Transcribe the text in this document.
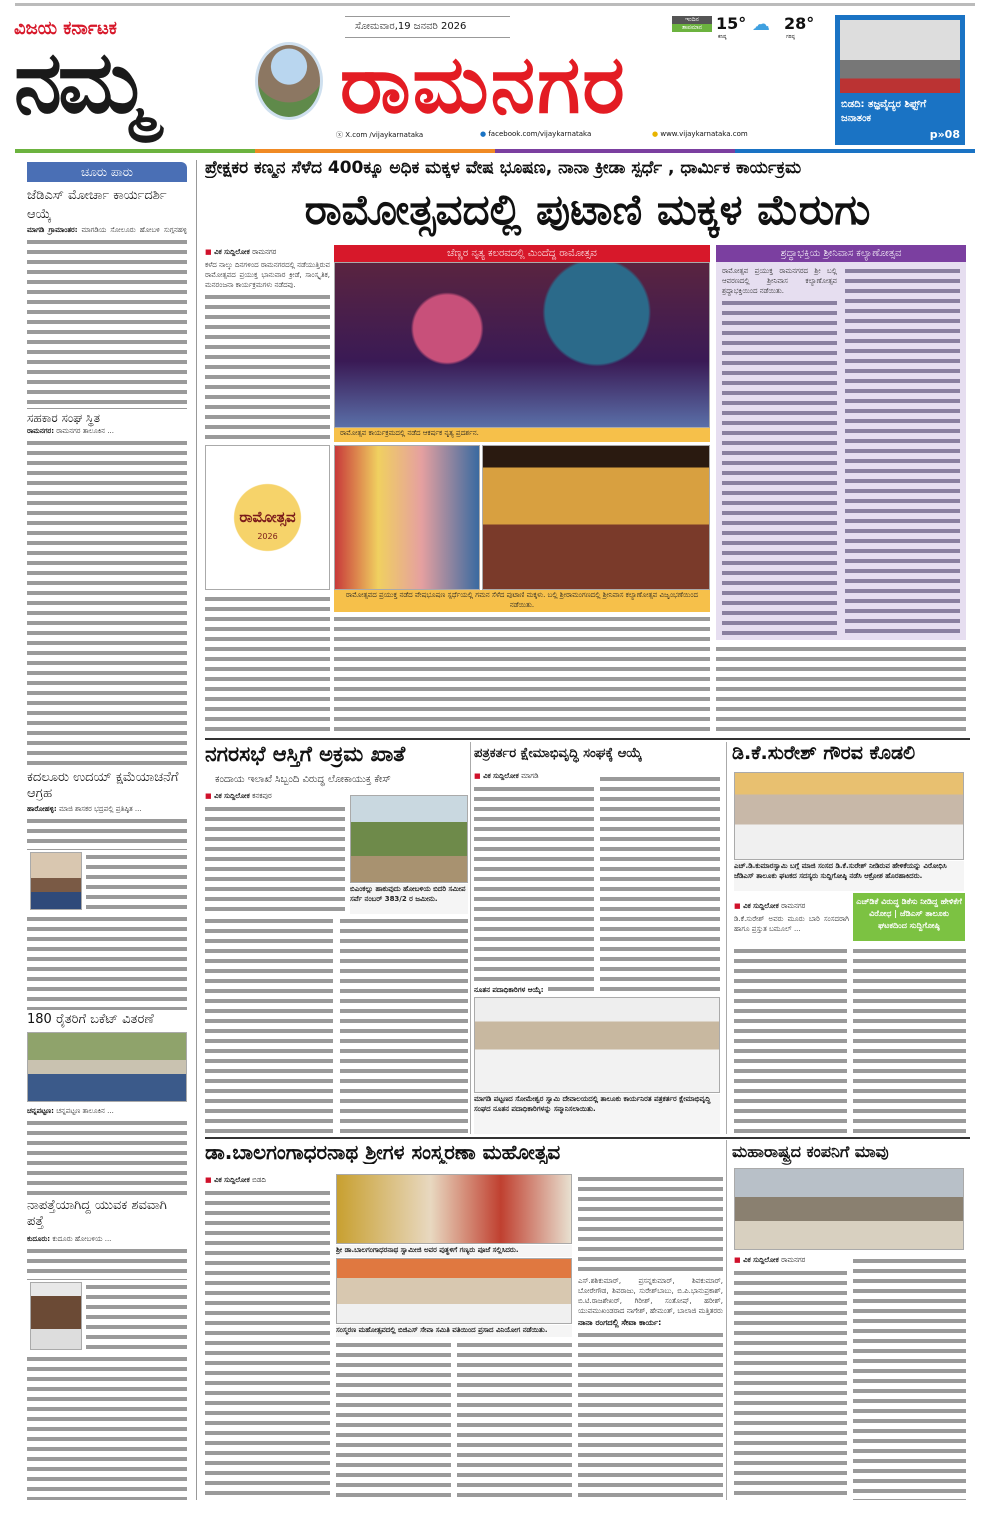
ವಿಜಯ ಕರ್ನಾಟಕ
ನಮ್ಮ
ಸೋಮವಾರ,19 ಜನವರಿ 2026
ರಾಮನಗರ
ಇಂದಿನ
ತಾಪಮಾನ 15°
ಕನಿಷ್ಠ
☁ 28°
ಗರಿಷ್ಠ
ⓧ X.com /vijaykarnataka	● facebook.com/vijaykarnataka	● www.vijaykarnataka.com
ಬಿಡದಿ: ತಜ್ಞವೈದ್ಯರ ಶಿಫ್ಟ್‌ಗೆ ಜನಾತಂಕ
p»08
ಚೂರು ಪಾರು
ಜೆಡಿಎಸ್ ಮೋರ್ಚಾ ಕಾರ್ಯದರ್ಶಿ ಆಯ್ಕೆ
ಮಾಗಡಿ ಗ್ರಾಮಾಂತರ: ಮಾಗಡಿಯ ಸೋಲೂರು ಹೋಬಳಿ ಸುಗ್ಗನಹಳ್ಳಿ
ಸಹಕಾರ ಸಂಘ ಸ್ಥಿತ
ರಾಮನಗರ: ರಾಮನಗರ ತಾಲೂಕಿನ ...
ಕದಲೂರು ಉದಯ್ ಕ್ಷಮೆಯಾಚನೆಗೆ ಆಗ್ರಹ
ಹಾರೋಹಳ್ಳಿ: ಮಾಜಿ ಶಾಸಕರ ಭದ್ರಪಲ್ಲಿ ಪ್ರತಿಷ್ಠಿತ ...
180 ರೈತರಿಗೆ ಬಕೆಟ್ ವಿತರಣೆ
ಚನ್ನಪಟ್ಟಣ: ಚನ್ನಪಟ್ಟಣ ತಾಲೂಕಿನ ...
ನಾಪತ್ತೆಯಾಗಿದ್ದ ಯುವಕ ಶವವಾಗಿ ಪತ್ತೆ
ಕುದೂರು: ಕುದೂರು ಹೋಬಳಿಯ ...
ಪ್ರೇಕ್ಷಕರ ಕಣ್ಮನ ಸೆಳೆದ 400ಕ್ಕೂ ಅಧಿಕ ಮಕ್ಕಳ ವೇಷ ಭೂಷಣ, ನಾನಾ ಕ್ರೀಡಾ ಸ್ಪರ್ಧೆ , ಧಾರ್ಮಿಕ ಕಾರ್ಯಕ್ರಮ
ರಾಮೋತ್ಸವದಲ್ಲಿ ಪುಟಾಣಿ ಮಕ್ಕಳ ಮೆರುಗು
■ ವಿಕ ಸುದ್ದಿಲೋಕ ರಾಮನಗರ
ಕಳೆದ ನಾಲ್ಕು ದಿನಗಳಿಂದ ರಾಮನಗರದಲ್ಲಿ ನಡೆಯುತ್ತಿರುವ ರಾಮೋತ್ಸವದ ಪ್ರಯುಕ್ತ ಭಾನುವಾರ ಕ್ರೀಡೆ, ಸಾಂಸ್ಕೃತಿಕ, ಮನರಂಜನಾ ಕಾರ್ಯಕ್ರಮಗಳು ನಡೆದವು.
ಚೆಣ್ಣರ ನೃತ್ಯ ಕಲರವದಲ್ಲಿ ಮಿಂದೆದ್ದ ರಾಮೋತ್ಸವ
ರಾಮೋತ್ಸವ ಕಾರ್ಯಕ್ರಮದಲ್ಲಿ ನಡೆದ ಆಕರ್ಷಕ ನೃತ್ಯ ಪ್ರದರ್ಶನ.
ರಾಮೋತ್ಸವ
2026
ರಾಮೋತ್ಸವದ ಪ್ರಯುಕ್ತ ನಡೆದ ವೇಷಭೂಷಣ ಸ್ಪರ್ಧೆಯಲ್ಲಿ ಗಮನ ಸೆಳೆದ ಪುಟಾಣಿ ಮಕ್ಕಳು. ಬಲ್ಲಿ ಶ್ರೀರಾಮಂಗಣದಲ್ಲಿ ಶ್ರೀನಿವಾಸ ಕಲ್ಯಾಣೋತ್ಸವ ವಿಜೃಂಭಣೆಯಿಂದ ನಡೆಯಿತು.
ಶ್ರದ್ಧಾಭಕ್ತಿಯ ಶ್ರೀನಿವಾಸ ಕಲ್ಯಾಣೋತ್ಸವ
ರಾಮೋತ್ಸವ ಪ್ರಯುಕ್ತ ರಾಮನಗರದ ಶ್ರೀ ಬಲ್ಲಿ ಆವರಣದಲ್ಲಿ ಶ್ರೀನಿವಾಸ ಕಲ್ಯಾಣೋತ್ಸವ ಶ್ರದ್ಧಾಭಕ್ತಿಯಿಂದ ನಡೆಯಿತು.
ನಗರಸಭೆ ಆಸ್ತಿಗೆ ಅಕ್ರಮ ಖಾತೆ
ಕಂದಾಯ ಇಲಾಖೆ ಸಿಬ್ಬಂದಿ ವಿರುದ್ಧ ಲೋಕಾಯುಕ್ತ ಕೇಸ್
■ ವಿಕ ಸುದ್ದಿಲೋಕ ಕನಕಪುರ
ಬಿಎಂಕಲ್ಲು ಹಾಕುವುದು ಹೋಬಳಿಯ ಬಿದರಿ ಸಮೀಪ ಸರ್ವೆ ನಂಬರ್ 383/2 ರ ಜಮೀನು.
ಪತ್ರಕರ್ತರ ಕ್ಷೇಮಾಭಿವೃದ್ಧಿ ಸಂಘಕ್ಕೆ ಆಯ್ಕೆ
■ ವಿಕ ಸುದ್ದಿಲೋಕ ಮಾಗಡಿ
ನೂತನ ಪದಾಧಿಕಾರಿಗಳ ಆಯ್ಕೆ:
ಮಾಗಡಿ ಪಟ್ಟಣದ ಸೋಮೇಶ್ವರ ಸ್ವಾಮಿ ದೇವಾಲಯದಲ್ಲಿ ತಾಲೂಕು ಕಾರ್ಯನಿರತ ಪತ್ರಕರ್ತರ ಕ್ಷೇಮಾಭಿವೃದ್ಧಿ ಸಂಘದ ನೂತನ ಪದಾಧಿಕಾರಿಗಳನ್ನು ಸನ್ಮಾನಿಸಲಾಯಿತು.
ಡಿ.ಕೆ.ಸುರೇಶ್ ಗೌರವ ಕೊಡಲಿ
ಎಚ್.ಡಿ.ಕುಮಾರಸ್ವಾಮಿ ಬಗ್ಗೆ ಮಾಜಿ ಸಂಸದ ಡಿ.ಕೆ.ಸುರೇಶ್ ನೀಡಿರುವ ಹೇಳಿಕೆಯನ್ನು ವಿರೋಧಿಸಿ ಜೆಡಿಎಸ್ ತಾಲೂಕು ಘಟಕದ ಸದಸ್ಯರು ಸುದ್ದಿಗೋಷ್ಠಿ ನಡೆಸಿ ಆಕ್ರೋಶ ಹೊರಹಾಕಿದರು.
■ ವಿಕ ಸುದ್ದಿಲೋಕ ರಾಮನಗರ
ಡಿ.ಕೆ.ಸುರೇಶ್ ಅವರು ಮೂರು ಬಾರಿ ಸಂಸದರಾಗಿ ಹಾಗೂ ಪ್ರಸ್ತುತ ಬಮೂಲ್ ...
ಎಚ್‌ಡಿಕೆ ವಿರುದ್ಧ ಡಿಕೆಸು ನೀಡಿದ್ದ ಹೇಳಿಕೆಗೆ ವಿರೋಧ | ಜೆಡಿಎಸ್ ತಾಲೂಕು ಘಟಕದಿಂದ ಸುದ್ದಿಗೋಷ್ಠಿ
ಡಾ.ಬಾಲಗಂಗಾಧರನಾಥ ಶ್ರೀಗಳ ಸಂಸ್ಮರಣಾ ಮಹೋತ್ಸವ
■ ವಿಕ ಸುದ್ದಿಲೋಕ ಬಿಡದಿ
ಶ್ರೀ ಡಾ.ಬಾಲಗಂಗಾಧರನಾಥ ಸ್ವಾಮೀಜಿ ಅವರ ಪುತ್ಥಳಿಗೆ ಗಣ್ಯರು ಪೂಜೆ ಸಲ್ಲಿಸಿದರು.
ಸಂಸ್ಮರಣ ಮಹೋತ್ಸವದಲ್ಲಿ ಬಿಜಿಎಸ್ ಸೇವಾ ಸಮಿತಿ ವತಿಯಿಂದ ಪ್ರಸಾದ ವಿನಿಯೋಗ ನಡೆಯಿತು.
ಎಸ್.ಶಶಿಕುಮಾರ್, ಪ್ರಸನ್ನಕುಮಾರ್, ಶಿವಕುಮಾರ್, ಬೋರೇಗೌಡ, ಶಿವರಾಜು, ಸುರೇಶ್‌ಬಾಬು, ಬಿ.ಪಿ.ಭಾನುಪ್ರಕಾಶ್, ಬಿ.ಟಿ.ರಾಜಶೇಖರ್, ಗಿರೀಶ್, ಸಂತೋಷ್, ಹರೀಶ್, ಯುವಮುಖಂಡರಾದ ನಾಗೇಶ್, ಹೇಮಂತ್, ಬಾಲಾಜಿ ಮತ್ತಿತರರು
ನಾನಾ ರಂಗದಲ್ಲಿ ಸೇವಾ ಕಾರ್ಯ:
ಮಹಾರಾಷ್ಟ್ರದ ಕಂಪನಿಗೆ ಮಾವು
■ ವಿಕ ಸುದ್ದಿಲೋಕ ರಾಮನಗರ
